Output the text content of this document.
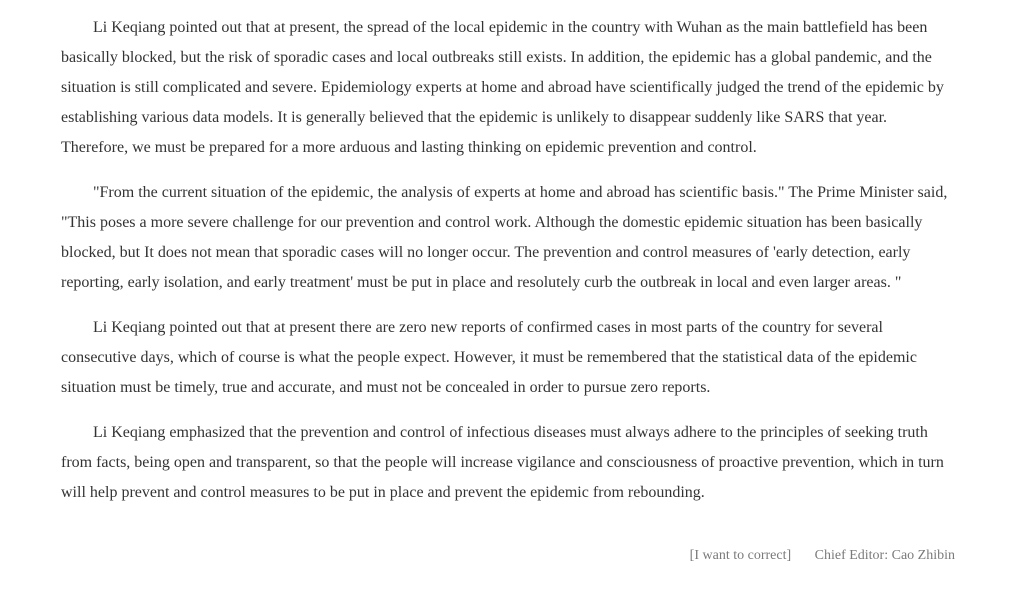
Li Keqiang pointed out that at present, the spread of the local epidemic in the country with Wuhan as the main battlefield has been basically blocked, but the risk of sporadic cases and local outbreaks still exists. In addition, the epidemic has a global pandemic, and the situation is still complicated and severe. Epidemiology experts at home and abroad have scientifically judged the trend of the epidemic by establishing various data models. It is generally believed that the epidemic is unlikely to disappear suddenly like SARS that year. Therefore, we must be prepared for a more arduous and lasting thinking on epidemic prevention and control.

"From the current situation of the epidemic, the analysis of experts at home and abroad has scientific basis." The Prime Minister said, "This poses a more severe challenge for our prevention and control work. Although the domestic epidemic situation has been basically blocked, but It does not mean that sporadic cases will no longer occur. The prevention and control measures of 'early detection, early reporting, early isolation, and early treatment' must be put in place and resolutely curb the outbreak in local and even larger areas. "

Li Keqiang pointed out that at present there are zero new reports of confirmed cases in most parts of the country for several consecutive days, which of course is what the people expect. However, it must be remembered that the statistical data of the epidemic situation must be timely, true and accurate, and must not be concealed in order to pursue zero reports.

Li Keqiang emphasized that the prevention and control of infectious diseases must always adhere to the principles of seeking truth from facts, being open and transparent, so that the people will increase vigilance and consciousness of proactive prevention, which in turn will help prevent and control measures to be put in place and prevent the epidemic from rebounding.

[I want to correct] Chief Editor: Cao Zhibin
